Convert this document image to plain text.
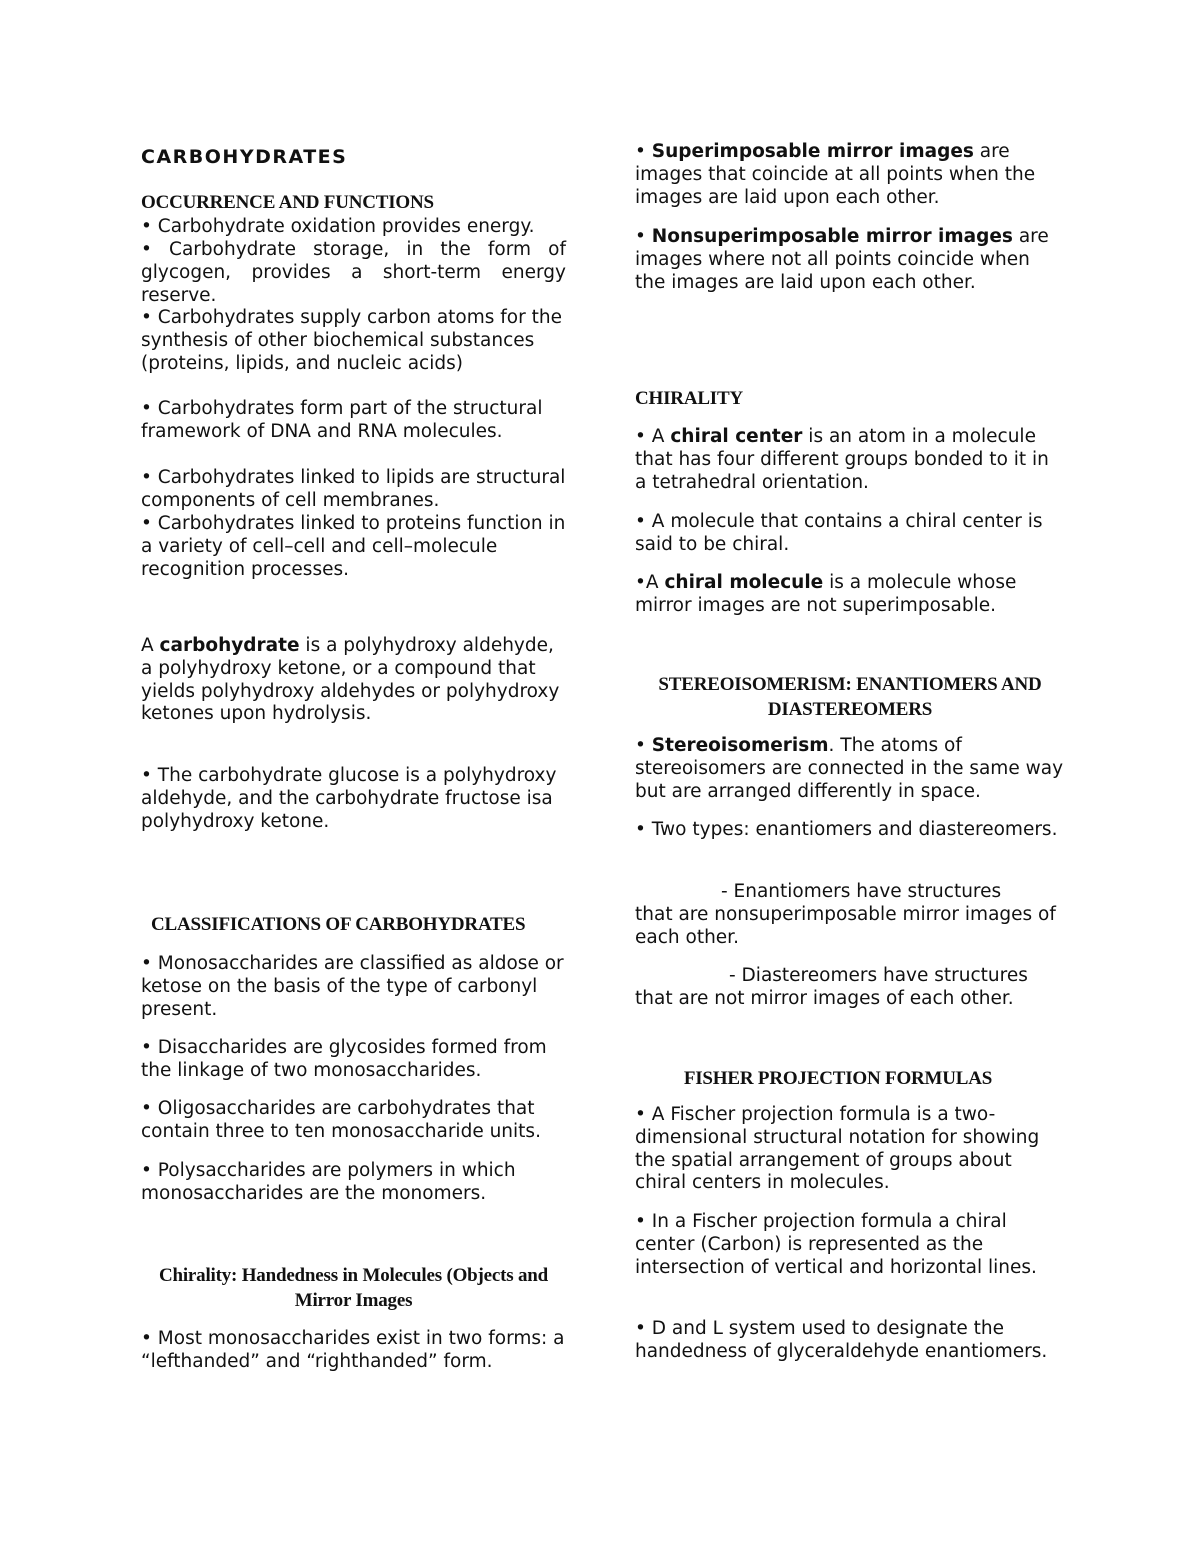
CARBOHYDRATES
OCCURRENCE AND FUNCTIONS

• Carbohydrate oxidation provides energy.

• Carbohydrate storage, in the form of glycogen, provides a short-term energy reserve.

• Carbohydrates supply carbon atoms for the synthesis of other biochemical substances (proteins, lipids, and nucleic acids)

• Carbohydrates form part of the structural framework of DNA and RNA molecules.

• Carbohydrates linked to lipids are structural components of cell membranes.

• Carbohydrates linked to proteins function in a variety of cell–cell and cell–molecule recognition processes.

A carbohydrate is a polyhydroxy aldehyde, a polyhydroxy ketone, or a compound that yields polyhydroxy aldehydes or polyhydroxy ketones upon hydrolysis.

• The carbohydrate glucose is a polyhydroxy aldehyde, and the carbohydrate fructose isa polyhydroxy ketone.

CLASSIFICATIONS OF CARBOHYDRATES

• Monosaccharides are classified as aldose or ketose on the basis of the type of carbonyl present.

• Disaccharides are glycosides formed from the linkage of two monosaccharides.

• Oligosaccharides are carbohydrates that contain three to ten monosaccharide units.

• Polysaccharides are polymers in which monosaccharides are the monomers.

Chirality: Handedness in Molecules (Objects and Mirror Images

• Most monosaccharides exist in two forms: a “lefthanded” and “righthanded” form.

• Superimposable mirror images are images that coincide at all points when the images are laid upon each other.

• Nonsuperimposable mirror images are images where not all points coincide when the images are laid upon each other.

CHIRALITY

• A chiral center is an atom in a molecule that has four different groups bonded to it in a tetrahedral orientation.

• A molecule that contains a chiral center is said to be chiral.

•A chiral molecule is a molecule whose mirror images are not superimposable.

STEREOISOMERISM: ENANTIOMERS AND
DIASTEREOMERS

• Stereoisomerism. The atoms of stereoisomers are connected in the same way but are arranged differently in space.

• Two types: enantiomers and diastereomers.

- Enantiomers have structures
that are nonsuperimposable mirror images of each other.

- Diastereomers have structures
that are not mirror images of each other.

FISHER PROJECTION FORMULAS

• A Fischer projection formula is a two-dimensional structural notation for showing the spatial arrangement of groups about chiral centers in molecules.

• In a Fischer projection formula a chiral center (Carbon) is represented as the intersection of vertical and horizontal lines.

• D and L system used to designate the handedness of glyceraldehyde enantiomers.
